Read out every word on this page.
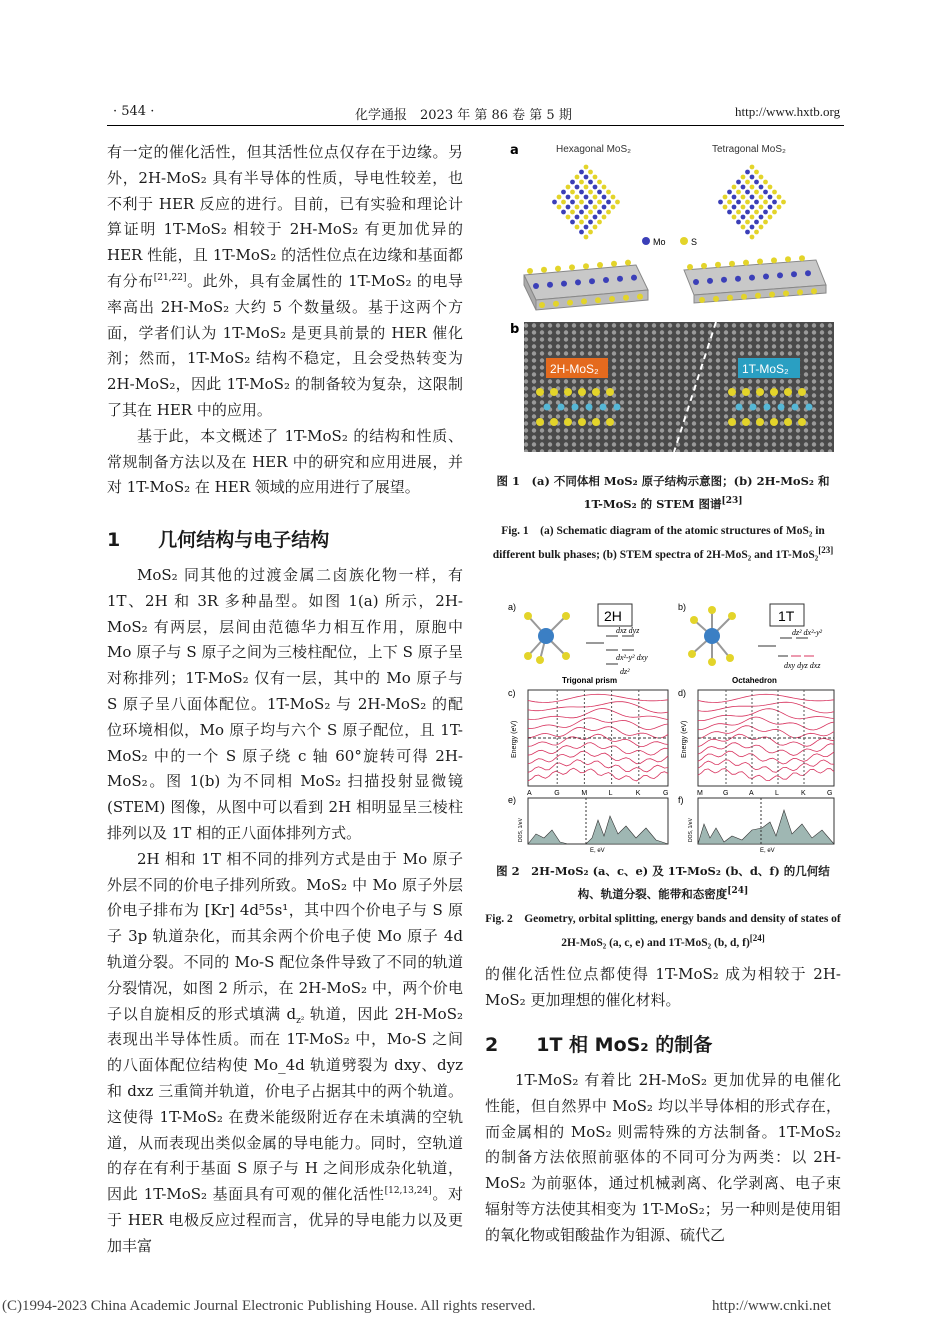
· 544 ·	化学通报　2023 年 第 86 卷 第 5 期	http://www.hxtb.org

有一定的催化活性，但其活性位点仅存在于边缘。另外，2H-MoS₂ 具有半导体的性质，导电性较差，也不利于 HER 反应的进行。目前，已有实验和理论计算证明 1T-MoS₂ 相较于 2H-MoS₂ 有更加优异的 HER 性能，且 1T-MoS₂ 的活性位点在边缘和基面都有分布[21,22]。此外，具有金属性的 1T-MoS₂ 的电导率高出 2H-MoS₂ 大约 5 个数量级。基于这两个方面，学者们认为 1T-MoS₂ 是更具前景的 HER 催化剂；然而，1T-MoS₂ 结构不稳定，且会受热转变为 2H-MoS₂，因此 1T-MoS₂ 的制备较为复杂，这限制了其在 HER 中的应用。

基于此，本文概述了 1T-MoS₂ 的结构和性质、常规制备方法以及在 HER 中的研究和应用进展，并对 1T-MoS₂ 在 HER 领域的应用进行了展望。

1　　 几何结构与电子结构

MoS₂ 同其他的过渡金属二卤族化物一样，有 1T、2H 和 3R 多种晶型。如图 1(a) 所示，2H-MoS₂ 有两层，层间由范德华力相互作用，原胞中 Mo 原子与 S 原子之间为三棱柱配位，上下 S 原子呈对称排列；1T-MoS₂ 仅有一层，其中的 Mo 原子与 S 原子呈八面体配位。1T-MoS₂ 与 2H-MoS₂ 的配位环境相似，Mo 原子均与六个 S 原子配位，且 1T-MoS₂ 中的一个 S 原子绕 c 轴 60°旋转可得 2H-MoS₂。图 1(b) 为不同相 MoS₂ 扫描投射显微镜 (STEM) 图像，从图中可以看到 2H 相明显呈三棱柱排列以及 1T 相的正八面体排列方式。

2H 相和 1T 相不同的排列方式是由于 Mo 原子外层不同的价电子排列所致。MoS₂ 中 Mo 原子外层价电子排布为 [Kr] 4d⁵5s¹，其中四个价电子与 S 原子 3p 轨道杂化，而其余两个价电子使 Mo 原子 4d 轨道分裂。不同的 Mo-S 配位条件导致了不同的轨道分裂情况，如图 2 所示，在 2H-MoS₂ 中，两个价电子以自旋相反的形式填满 $d_{z^2}$ 轨道，因此 2H-MoS₂ 表现出半导体性质。而在 1T-MoS₂ 中，Mo-S 之间的八面体配位结构使 Mo_4d 轨道劈裂为 dxy、dyz 和 dxz 三重简并轨道，价电子占据其中的两个轨道。这使得 1T-MoS₂ 在费米能级附近存在未填满的空轨道，从而表现出类似金属的导电能力。同时，空轨道的存在有利于基面 S 原子与 H 之间形成杂化轨道，因此 1T-MoS₂ 基面具有可观的催化活性[12,13,24]。对于 HER 电极反应过程而言，优异的导电能力以及更加丰富

a	Hexagonal MoS₂	Tetragonal MoS₂
Mo	S
b
2H-MoS₂	1T-MoS₂
图 1　(a) 不同体相 MoS₂ 原子结构示意图；(b) 2H-MoS₂ 和 1T-MoS₂ 的 STEM 图谱[23]
Fig. 1　(a) Schematic diagram of the atomic structures of MoS₂ in different bulk phases; (b) STEM spectra of 2H-MoS₂ and 1T-MoS₂[23]
a)	b)
2H
dxz dyz
dx²-y² dxy
dz²
Trigonal prism
1T
dz² dx²-y²
dxy dyz dxz
Octahedron
c)	d)
Energy (eV)	Energy (eV)
A	G	M	L	K	G	M	G	A	L	K	G
e)	f)
E, eV	E, eV
DOS, 1/eV	DOS, 1/eV
图 2　2H-MoS₂ (a、c、e) 及 1T-MoS₂ (b、d、f) 的几何结构、轨道分裂、能带和态密度[24]
Fig. 2　Geometry, orbital splitting, energy bands and density of states of 2H-MoS₂ (a, c, e) and 1T-MoS₂ (b, d, f)[24]

的催化活性位点都使得 1T-MoS₂ 成为相较于 2H-MoS₂ 更加理想的催化材料。

2　　 1T 相 MoS₂ 的制备

1T-MoS₂ 有着比 2H-MoS₂ 更加优异的电催化性能，但自然界中 MoS₂ 均以半导体相的形式存在，而金属相的 MoS₂ 则需特殊的方法制备。1T-MoS₂ 的制备方法依照前驱体的不同可分为两类：以 2H-MoS₂ 为前驱体，通过机械剥离、化学剥离、电子束辐射等方法使其相变为 1T-MoS₂；另一种则是使用钼的氧化物或钼酸盐作为钼源、硫代乙

(C)1994-2023 China Academic Journal Electronic Publishing House. All rights reserved.	http://www.cnki.net
